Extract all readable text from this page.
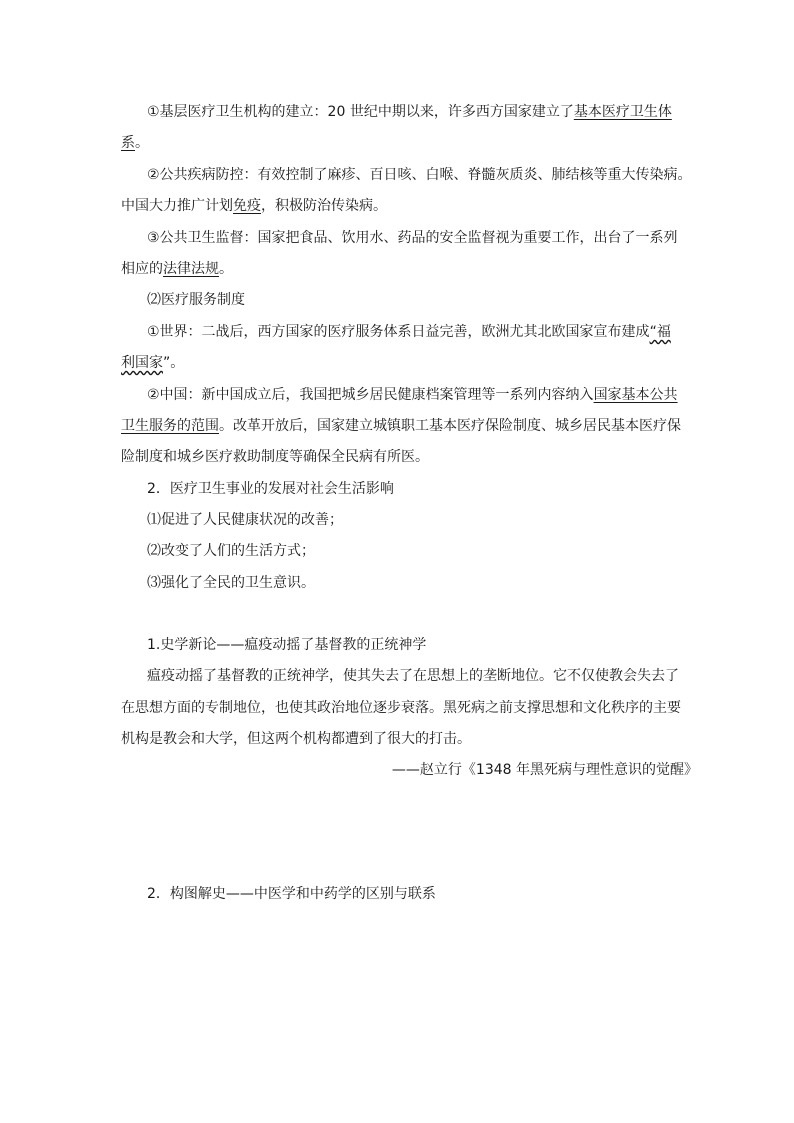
①基层医疗卫生机构的建立：20 世纪中期以来，许多西方国家建立了基本医疗卫生体
系。
②公共疾病防控：有效控制了麻疹、百日咳、白喉、脊髓灰质炎、肺结核等重大传染病。
中国大力推广计划免疫，积极防治传染病。
③公共卫生监督：国家把食品、饮用水、药品的安全监督视为重要工作，出台了一系列
相应的法律法规。
⑵医疗服务制度
①世界：二战后，西方国家的医疗服务体系日益完善，欧洲尤其北欧国家宣布建成“福
利国家”。
②中国：新中国成立后，我国把城乡居民健康档案管理等一系列内容纳入国家基本公共
卫生服务的范围。改革开放后，国家建立城镇职工基本医疗保险制度、城乡居民基本医疗保
险制度和城乡医疗救助制度等确保全民病有所医。
2．医疗卫生事业的发展对社会生活影响
⑴促进了人民健康状况的改善；
⑵改变了人们的生活方式；
⑶强化了全民的卫生意识。
1.史学新论——瘟疫动摇了基督教的正统神学
瘟疫动摇了基督教的正统神学，使其失去了在思想上的垄断地位。它不仅使教会失去了
在思想方面的专制地位，也使其政治地位逐步衰落。黑死病之前支撑思想和文化秩序的主要
机构是教会和大学，但这两个机构都遭到了很大的打击。
——赵立行《1348 年黑死病与理性意识的觉醒》
2．构图解史——中医学和中药学的区别与联系
